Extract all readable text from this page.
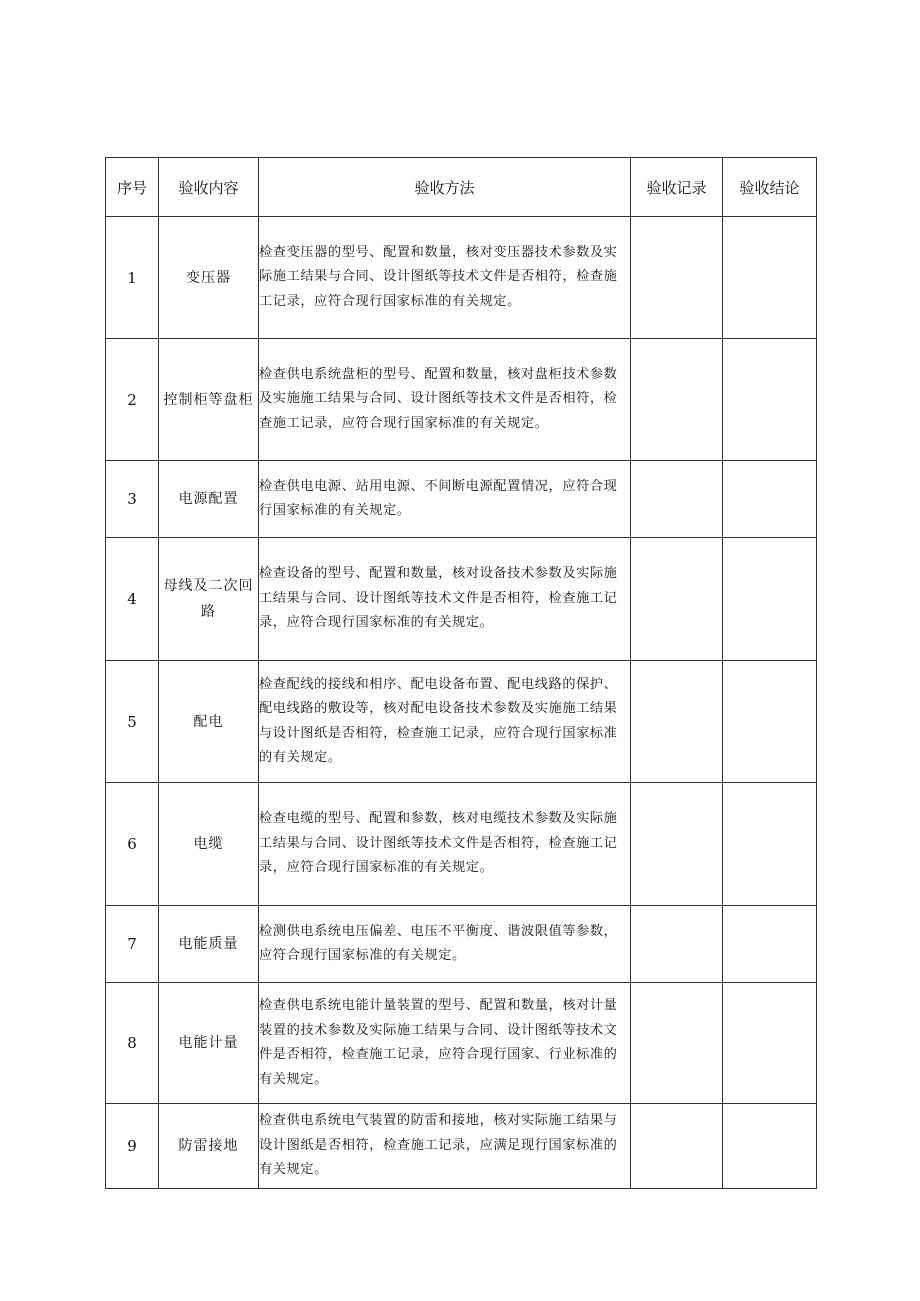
序号	验收内容	验收方法	验收记录	验收结论
1	变压器	检查变压器的型号、配置和数量，核对变压器技术参数及实际施工结果与合同、设计图纸等技术文件是否相符，检查施工记录，应符合现行国家标准的有关规定。		
2	控制柜等盘柜	检查供电系统盘柜的型号、配置和数量，核对盘柜技术参数及实施施工结果与合同、设计图纸等技术文件是否相符，检查施工记录，应符合现行国家标准的有关规定。		
3	电源配置	检查供电电源、站用电源、不间断电源配置情况，应符合现行国家标准的有关规定。		
4	母线及二次回路	检查设备的型号、配置和数量，核对设备技术参数及实际施工结果与合同、设计图纸等技术文件是否相符，检查施工记录，应符合现行国家标准的有关规定。		
5	配电	检查配线的接线和相序、配电设备布置、配电线路的保护、配电线路的敷设等，核对配电设备技术参数及实施施工结果与设计图纸是否相符，检查施工记录，应符合现行国家标准的有关规定。		
6	电缆	检查电缆的型号、配置和参数，核对电缆技术参数及实际施工结果与合同、设计图纸等技术文件是否相符，检查施工记录，应符合现行国家标准的有关规定。		
7	电能质量	检测供电系统电压偏差、电压不平衡度、谐波限值等参数，应符合现行国家标准的有关规定。		
8	电能计量	检查供电系统电能计量装置的型号、配置和数量，核对计量装置的技术参数及实际施工结果与合同、设计图纸等技术文件是否相符，检查施工记录，应符合现行国家、行业标准的有关规定。		
9	防雷接地	检查供电系统电气装置的防雷和接地，核对实际施工结果与设计图纸是否相符，检查施工记录，应满足现行国家标准的有关规定。		
